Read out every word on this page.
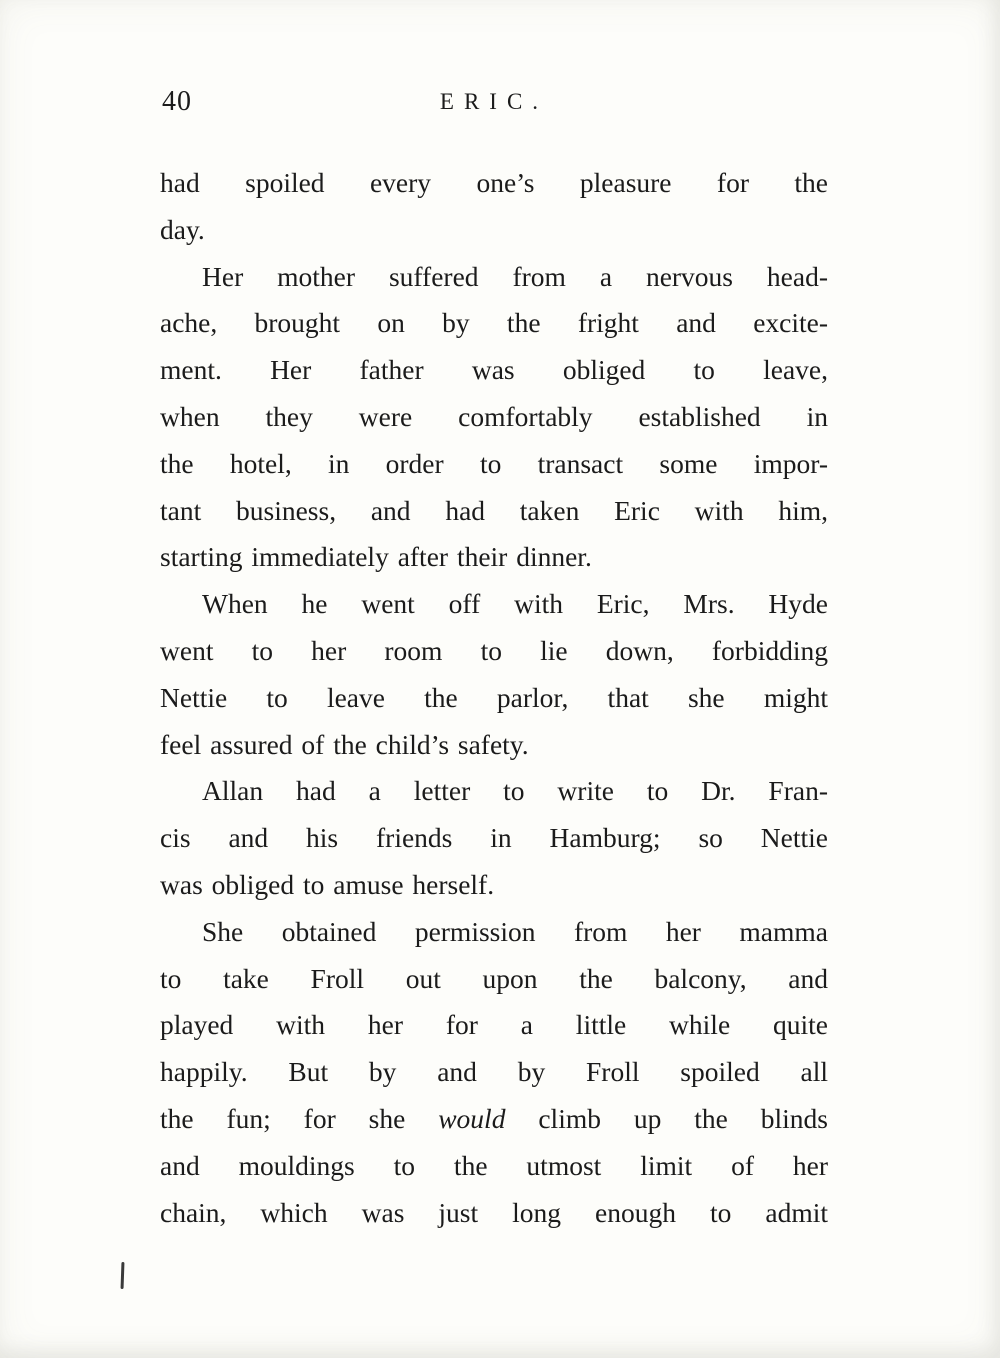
40	ERIC.
had spoiled every one’s pleasure for the
day.
Her mother suffered from a nervous head-
ache, brought on by the fright and excite-
ment. Her father was obliged to leave,
when they were comfortably established in
the hotel, in order to transact some impor-
tant business, and had taken Eric with him,
starting immediately after their dinner.
When he went off with Eric, Mrs. Hyde
went to her room to lie down, forbidding
Nettie to leave the parlor, that she might
feel assured of the child’s safety.
Allan had a letter to write to Dr. Fran-
cis and his friends in Hamburg; so Nettie
was obliged to amuse herself.
She obtained permission from her mamma
to take Froll out upon the balcony, and
played with her for a little while quite
happily. But by and by Froll spoiled all
the fun; for she would climb up the blinds
and mouldings to the utmost limit of her
chain, which was just long enough to admit
